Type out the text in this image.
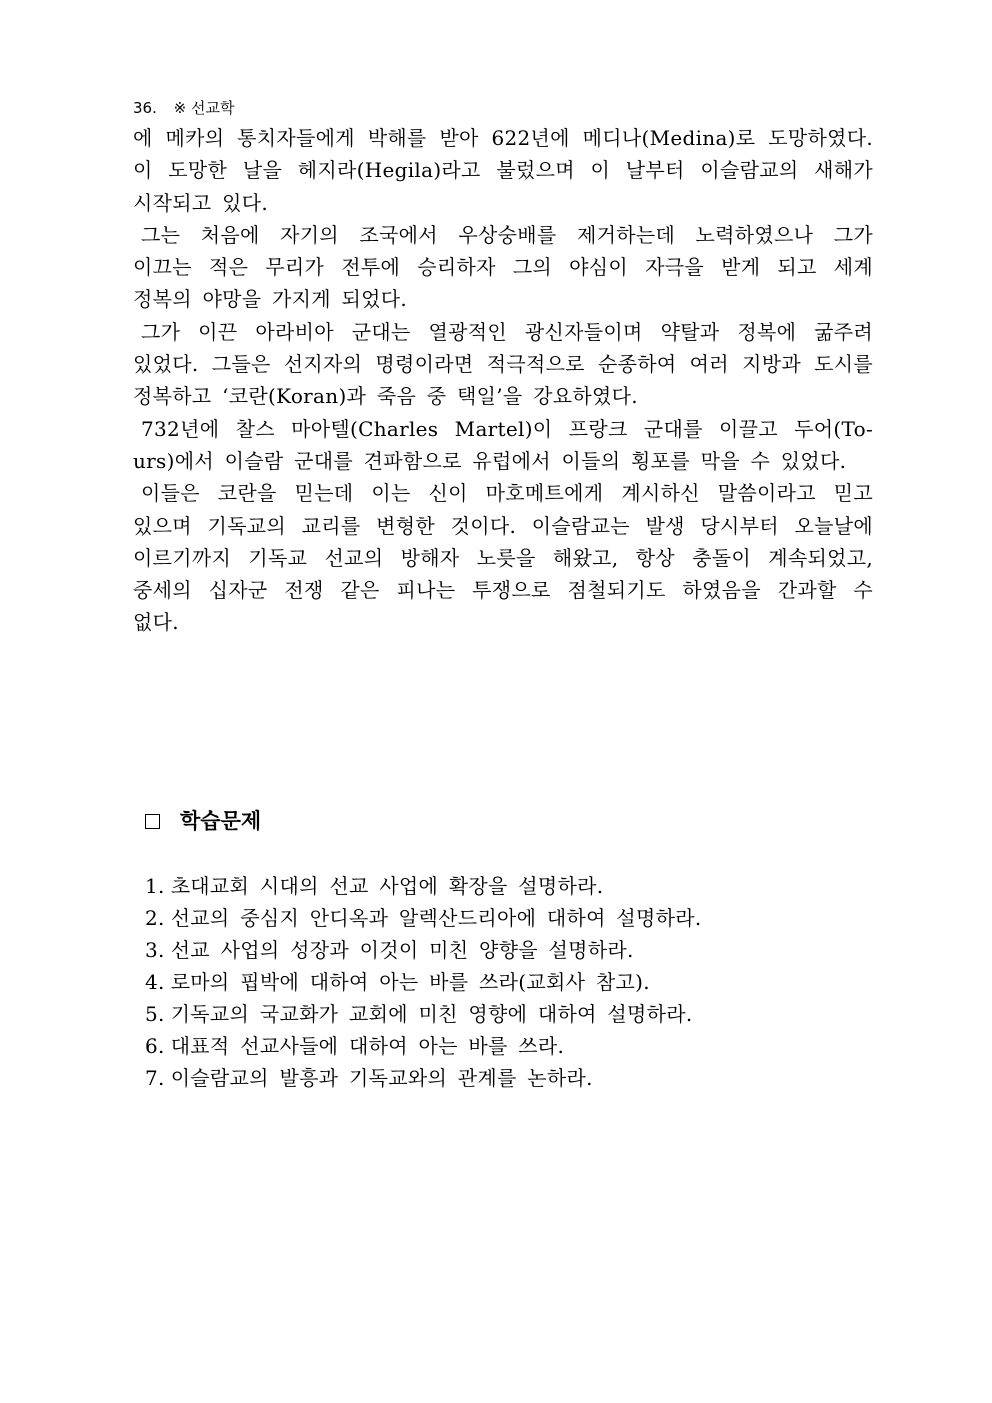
36. ※ 선교학

에 메카의 통치자들에게 박해를 받아 622년에 메디나(Medina)로 도망하였다. 이 도망한 날을 헤지라(Hegila)라고 불렀으며 이 날부터 이슬람교의 새해가 시작되고 있다.

그는 처음에 자기의 조국에서 우상숭배를 제거하는데 노력하였으나 그가 이끄는 적은 무리가 전투에 승리하자 그의 야심이 자극을 받게 되고 세계 정복의 야망을 가지게 되었다.

그가 이끈 아라비아 군대는 열광적인 광신자들이며 약탈과 정복에 굶주려 있었다. 그들은 선지자의 명령이라면 적극적으로 순종하여 여러 지방과 도시를 정복하고 ‘코란(Koran)과 죽음 중 택일’을 강요하였다.

732년에 찰스 마아텔(Charles Martel)이 프랑크 군대를 이끌고 두어(To-urs)에서 이슬람 군대를 견파함으로 유럽에서 이들의 횡포를 막을 수 있었다.

이들은 코란을 믿는데 이는 신이 마호메트에게 계시하신 말씀이라고 믿고 있으며 기독교의 교리를 변형한 것이다. 이슬람교는 발생 당시부터 오늘날에 이르기까지 기독교 선교의 방해자 노릇을 해왔고, 항상 충돌이 계속되었고, 중세의 십자군 전쟁 같은 피나는 투쟁으로 점철되기도 하였음을 간과할 수 없다.

학습문제
1. 초대교회 시대의 선교 사업에 확장을 설명하라.
2. 선교의 중심지 안디옥과 알렉산드리아에 대하여 설명하라.
3. 선교 사업의 성장과 이것이 미친 양향을 설명하라.
4. 로마의 핍박에 대하여 아는 바를 쓰라(교회사 참고).
5. 기독교의 국교화가 교회에 미친 영향에 대하여 설명하라.
6. 대표적 선교사들에 대하여 아는 바를 쓰라.
7. 이슬람교의 발흥과 기독교와의 관계를 논하라.
